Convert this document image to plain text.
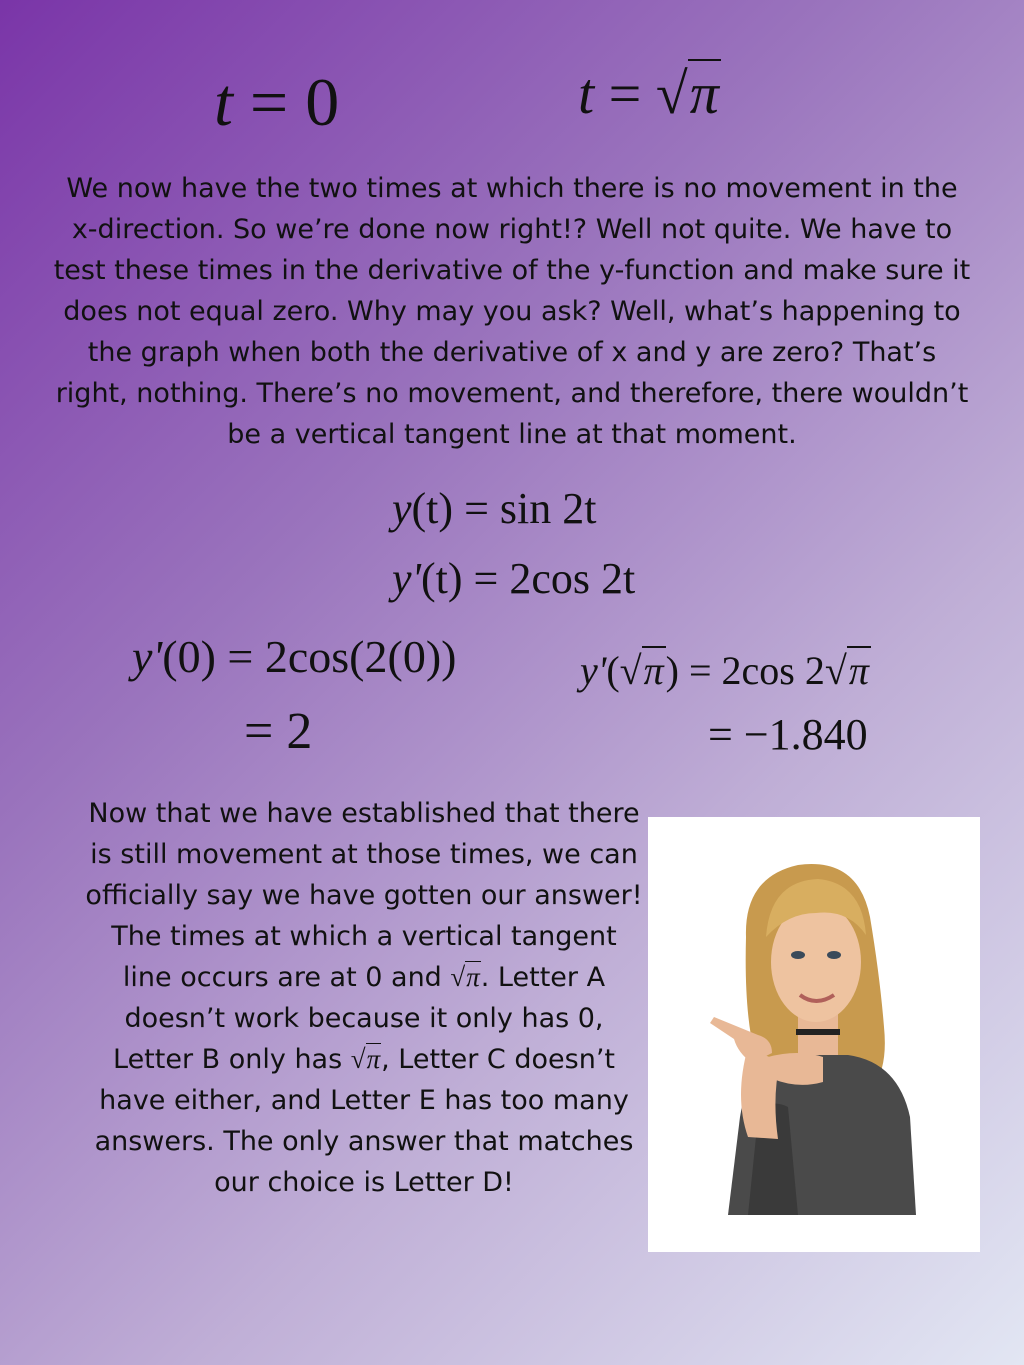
t = 0	t = √π
We now have the two times at which there is no movement in the x-direction. So we’re done now right!? Well not quite. We have to test these times in the derivative of the y-function and make sure it does not equal zero. Why may you ask? Well, what’s happening to the graph when both the derivative of x and y are zero? That’s right, nothing. There’s no movement, and therefore, there wouldn’t be a vertical tangent line at that moment.
y(t) = sin 2t
y'(t) = 2cos 2t
y'(0) = 2cos(2(0))
= 2
y'(√π) = 2cos 2√π
= −1.840
Now that we have established that there is still movement at those times, we can officially say we have gotten our answer! The times at which a vertical tangent line occurs are at 0 and √π. Letter A doesn’t work because it only has 0, Letter B only has √π, Letter C doesn’t have either, and Letter E has too many answers. The only answer that matches our choice is Letter D!
